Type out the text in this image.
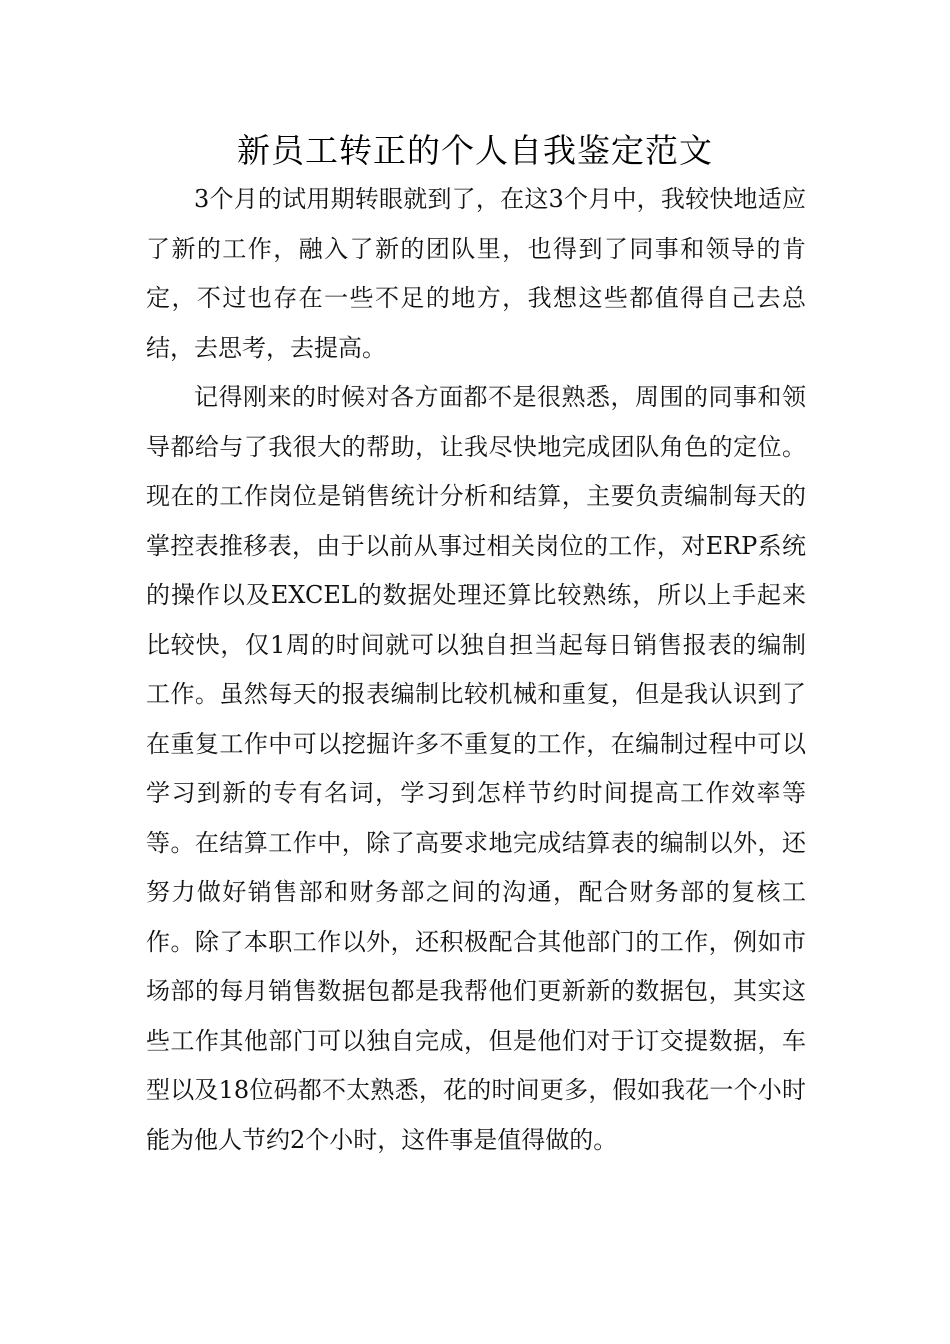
新员工转正的个人自我鉴定范文

3个月的试用期转眼就到了，在这3个月中，我较快地适应了新的工作，融入了新的团队里，也得到了同事和领导的肯定，不过也存在一些不足的地方，我想这些都值得自己去总结，去思考，去提高。

记得刚来的时候对各方面都不是很熟悉，周围的同事和领导都给与了我很大的帮助，让我尽快地完成团队角色的定位。现在的工作岗位是销售统计分析和结算，主要负责编制每天的掌控表推移表，由于以前从事过相关岗位的工作，对ERP系统的操作以及EXCEL的数据处理还算比较熟练，所以上手起来比较快，仅1周的时间就可以独自担当起每日销售报表的编制工作。虽然每天的报表编制比较机械和重复，但是我认识到了在重复工作中可以挖掘许多不重复的工作，在编制过程中可以学习到新的专有名词，学习到怎样节约时间提高工作效率等等。在结算工作中，除了高要求地完成结算表的编制以外，还努力做好销售部和财务部之间的沟通，配合财务部的复核工作。除了本职工作以外，还积极配合其他部门的工作，例如市场部的每月销售数据包都是我帮他们更新新的数据包，其实这些工作其他部门可以独自完成，但是他们对于订交提数据，车型以及18位码都不太熟悉，花的时间更多，假如我花一个小时能为他人节约2个小时，这件事是值得做的。
